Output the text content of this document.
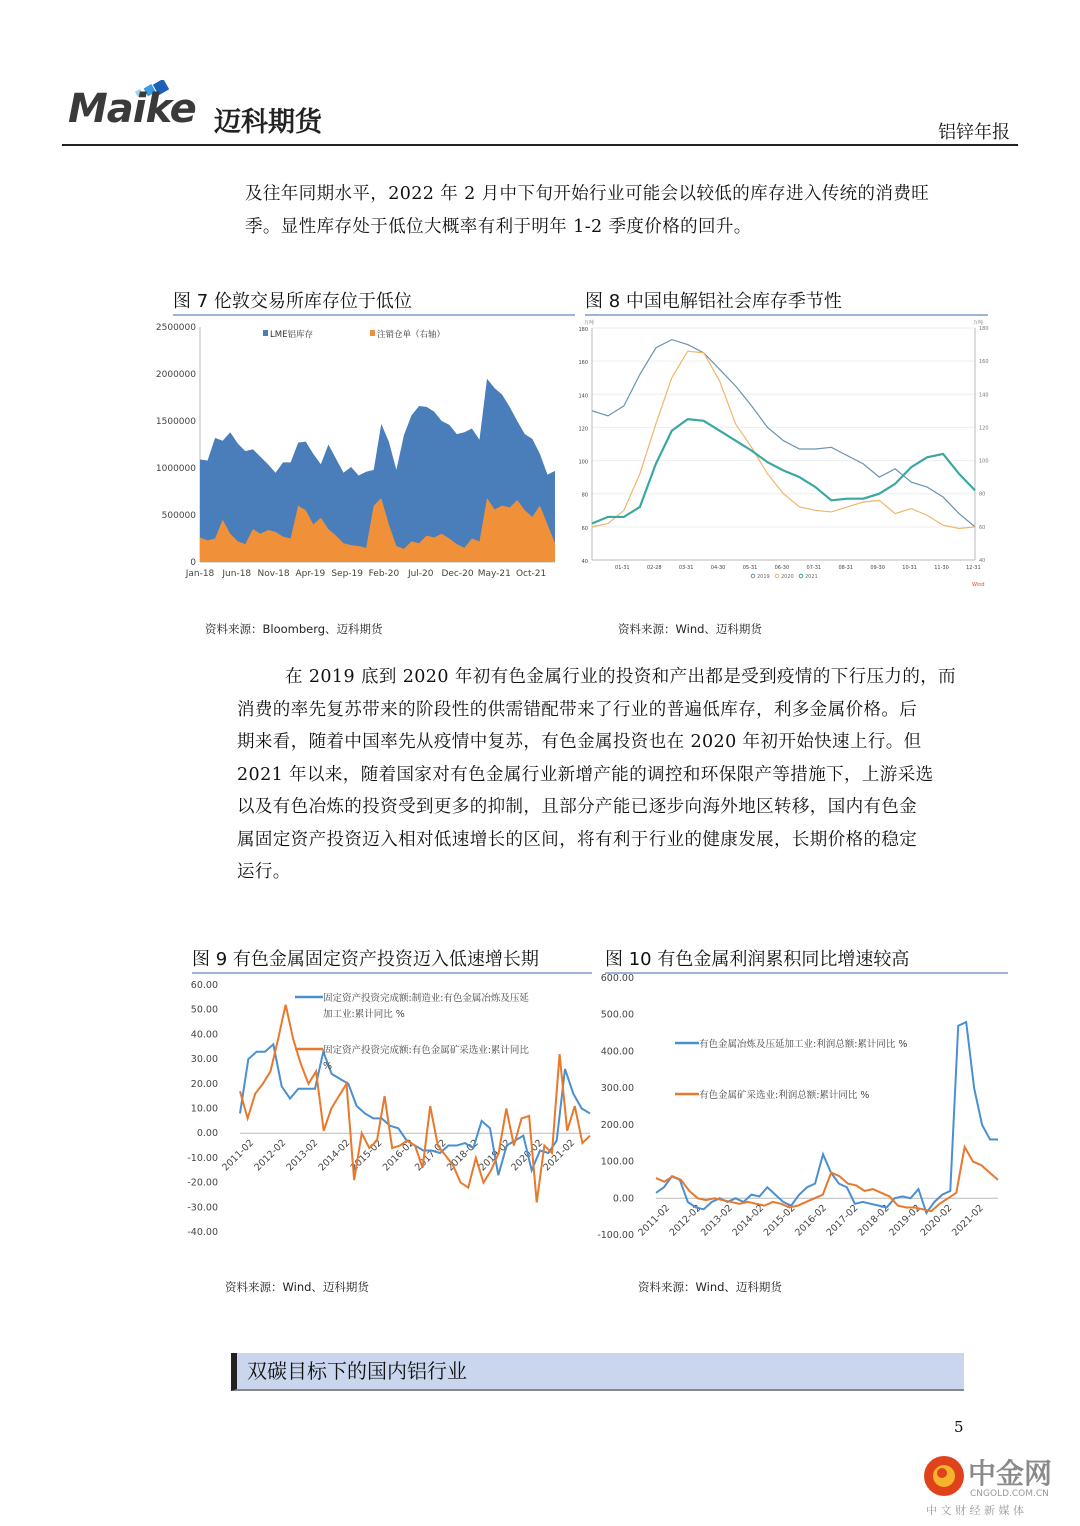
Maike 迈科期货	铝锌年报
及往年同期水平，2022 年 2 月中下旬开始行业可能会以较低的库存进入传统的消费旺
季。显性库存处于低位大概率有利于明年 1-2 季度价格的回升。
图 7 伦敦交易所库存位于低位	图 8 中国电解铝社会库存季节性
0
500000
1000000
1500000
2000000
2500000
Jan-18 Jun-18 Nov-18 Apr-19 Sep-19 Feb-20 Jul-20 Dec-20 May-21 Oct-21
LME铝库存	注销仓单（右轴）
40	40
60	60
80	80
100	100
120	120
140	140
160	160
180	180
万吨	万吨
01-31	02-28	03-31	04-30	05-31	06-30	07-31	08-31	09-30	10-31	11-30	12-31
2019 2020 2021
Wind
资料来源：Bloomberg、迈科期货	资料来源：Wind、迈科期货
在 2019 底到 2020 年初有色金属行业的投资和产出都是受到疫情的下行压力的，而
消费的率先复苏带来的阶段性的供需错配带来了行业的普遍低库存，利多金属价格。后
期来看，随着中国率先从疫情中复苏，有色金属投资也在 2020 年初开始快速上行。但
2021 年以来，随着国家对有色金属行业新增产能的调控和环保限产等措施下，上游采选
以及有色冶炼的投资受到更多的抑制，且部分产能已逐步向海外地区转移，国内有色金
属固定资产投资迈入相对低速增长的区间，将有利于行业的健康发展，长期价格的稳定
运行。
图 9 有色金属固定资产投资迈入低速增长期	图 10 有色金属利润累积同比增速较高
-40.00
-30.00
-20.00
-10.00
0.00
10.00
20.00
30.00
40.00
50.00
60.00
2011-02
2012-02
2013-02
2014-02
2015-02
2016-02
2017-02
2018-02
2019-02
2020-02
2021-02
固定资产投资完成额:制造业:有色金属冶炼及压延
加工业:累计同比 %
固定资产投资完成额:有色金属矿采选业:累计同比
%
-100.00
0.00
100.00
200.00
300.00
400.00
500.00
600.00
2011-02
2012-02
2013-02
2014-02
2015-02
2016-02
2017-02
2018-02
2019-02
2020-02
2021-02
有色金属冶炼及压延加工业:利润总额:累计同比 %
有色金属矿采选业:利润总额:累计同比 %
资料来源：Wind、迈科期货	资料来源：Wind、迈科期货
双碳目标下的国内铝行业
5
中金网
CNGOLD.COM.CN
中 文 财 经 新 媒 体
